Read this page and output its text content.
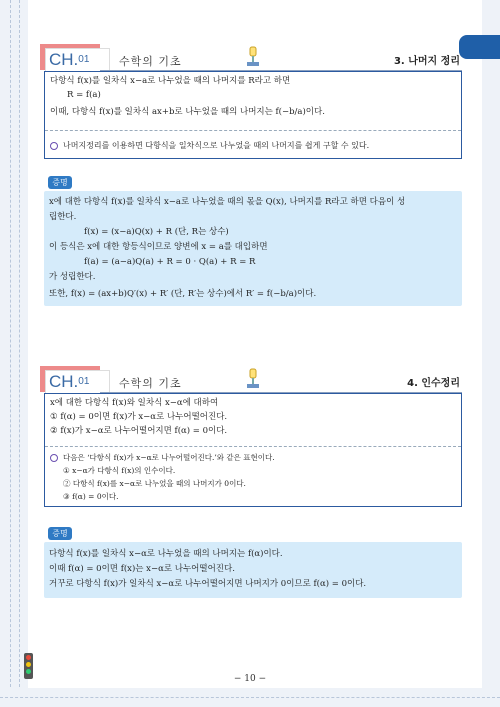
CH.$^{01}$	수학의 기초	3. 나머지 정리
다항식 f(x)를 일차식 x−a로 나누었을 때의 나머지를 R라고 하면
R = f(a)
이때, 다항식 f(x)를 일차식 ax+b로 나누었을 때의 나머지는 f(−b/a)이다.
나머지정리를 이용하면 다항식을 일차식으로 나누었을 때의 나머지를 쉽게 구할 수 있다.
증명
x에 대한 다항식 f(x)를 일차식 x−a로 나누었을 때의 몫을 Q(x), 나머지를 R라고 하면 다음이 성
립한다.
f(x) = (x−a)Q(x) + R (단, R는 상수)
이 등식은 x에 대한 항등식이므로 양변에 x = a를 대입하면
f(a) = (a−a)Q(a) + R = 0 · Q(a) + R = R
가 성립한다.
또한, f(x) = (ax+b)Q′(x) + R′ (단, R′는 상수)에서 R′ = f(−b/a)이다.
CH.$^{01}$	수학의 기초	4. 인수정리
x에 대한 다항식 f(x)와 일차식 x−α에 대하여
① f(α) = 0이면 f(x)가 x−α로 나누어떨어진다.
② f(x)가 x−α로 나누어떨어지면 f(α) = 0이다.
다음은 ‘다항식 f(x)가 x−α로 나누어떨어진다.’와 같은 표현이다.
① x−α가 다항식 f(x)의 인수이다.
② 다항식 f(x)를 x−α로 나누었을 때의 나머지가 0이다.
③ f(α) = 0이다.
증명
다항식 f(x)를 일차식 x−α로 나누었을 때의 나머지는 f(α)이다.
이때 f(α) = 0이면 f(x)는 x−α로 나누어떨어진다.
거꾸로 다항식 f(x)가 일차식 x−α로 나누어떨어지면 나머지가 0이므로 f(α) = 0이다.
− 10 −
